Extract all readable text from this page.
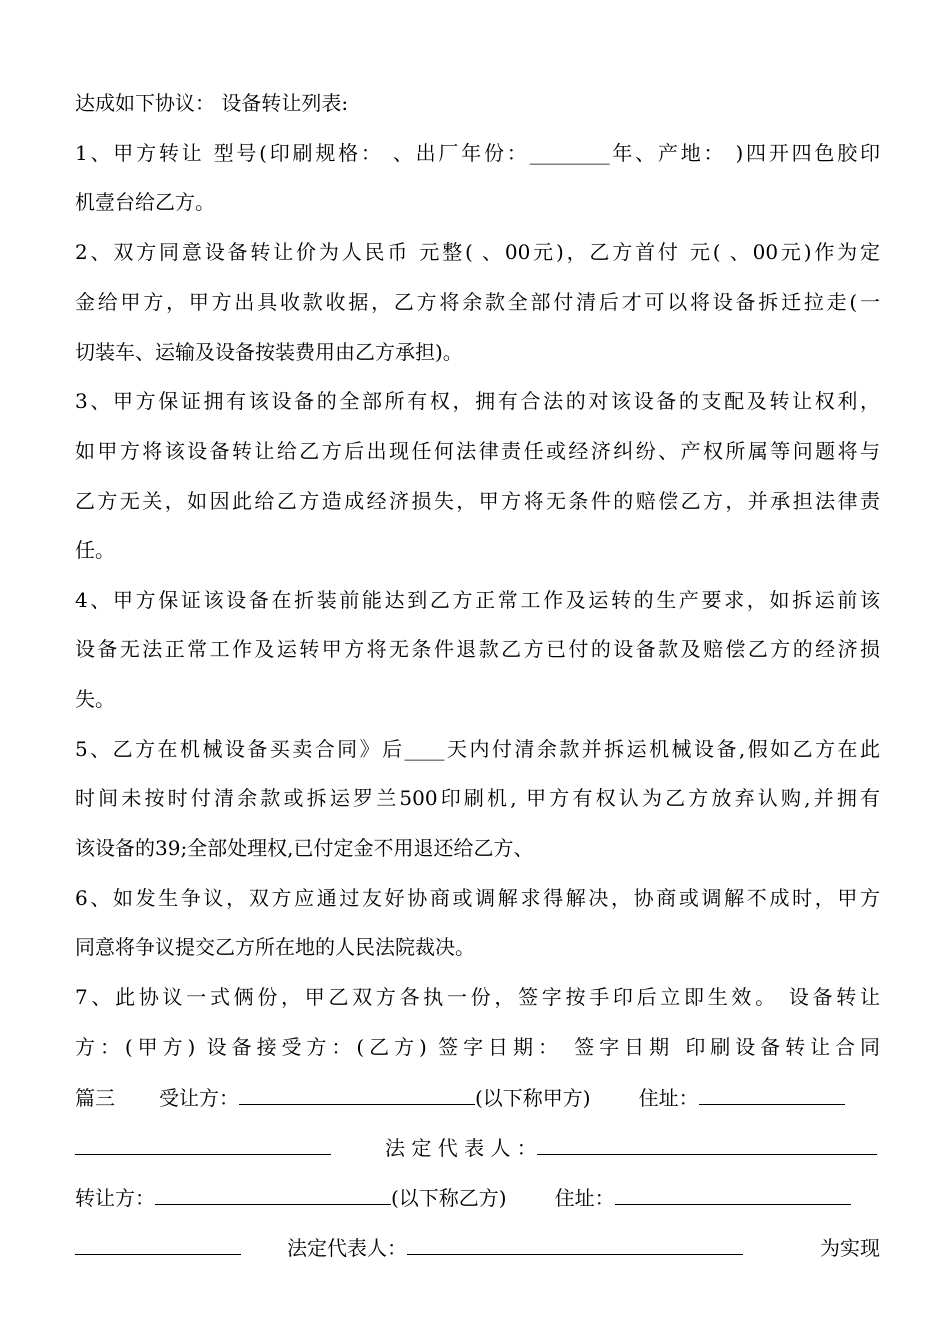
达成如下协议： 设备转让列表:
1、甲方转让 型号(印刷规格： 、出厂年份：________年、产地： )四开四色胶印
机壹台给乙方。
2、双方同意设备转让价为人民币 元整( 、00元)，乙方首付 元( 、00元)作为定
金给甲方，甲方出具收款收据，乙方将余款全部付清后才可以将设备拆迁拉走(一
切装车、运输及设备按装费用由乙方承担)。
3、甲方保证拥有该设备的全部所有权，拥有合法的对该设备的支配及转让权利，
如甲方将该设备转让给乙方后出现任何法律责任或经济纠纷、产权所属等问题将与
乙方无关，如因此给乙方造成经济损失，甲方将无条件的赔偿乙方，并承担法律责
任。
4、甲方保证该设备在折装前能达到乙方正常工作及运转的生产要求，如拆运前该
设备无法正常工作及运转甲方将无条件退款乙方已付的设备款及赔偿乙方的经济损
失。
5、乙方在机械设备买卖合同》后____天内付清余款并拆运机械设备,假如乙方在此
时间未按时付清余款或拆运罗兰500印刷机, 甲方有权认为乙方放弃认购,并拥有
该设备的39;全部处理权,已付定金不用退还给乙方、
6、如发生争议，双方应通过友好协商或调解求得解决，协商或调解不成时，甲方
同意将争议提交乙方所在地的人民法院裁决。
7、此协议一式俩份，甲乙双方各执一份，签字按手印后立即生效。 设备转让
方：(甲方) 设备接受方：(乙方) 签字日期： 签字日期 印刷设备转让合同
篇三 受让方：	(以下称甲方) 住址：
法 定 代 表 人 ：
转让方：	(以下称乙方) 住址：
法定代表人：	为实现
